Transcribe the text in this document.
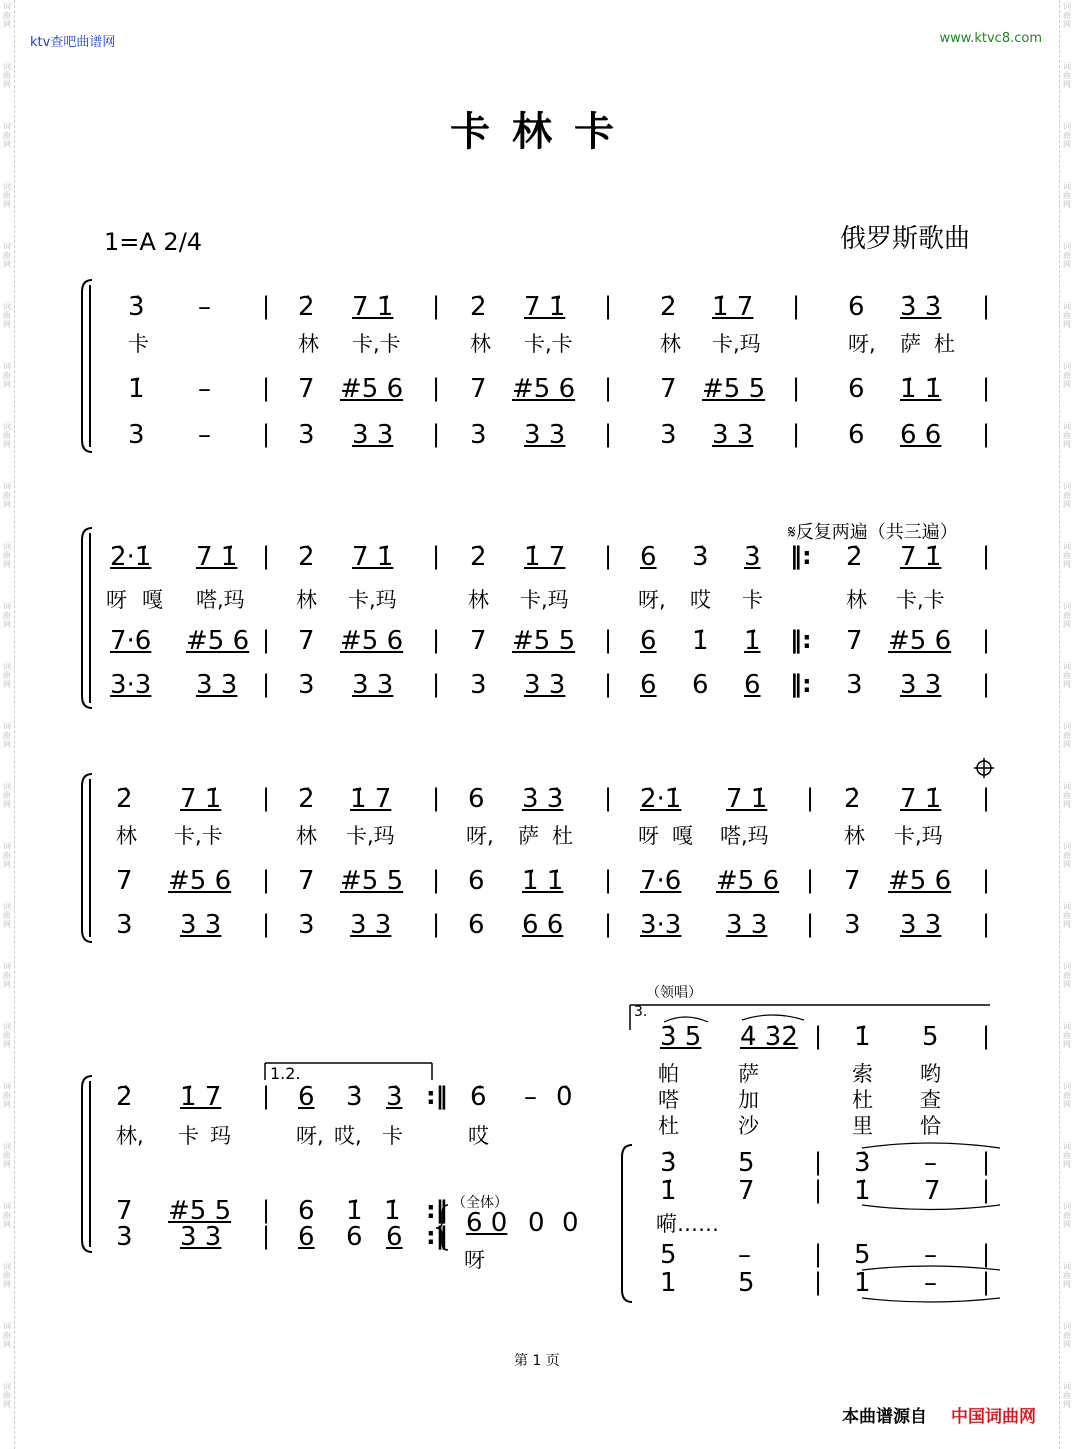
ktv查吧曲谱网	www.ktvc8.com
卡林卡
1=A 2/4	俄罗斯歌曲
3̇ – | 2̇ 7 1̇ | 2̇ 7 1̇ | 2̇ 1̇ 7 | 6 3̇ 3̇ |
卡	林 卡,卡	林 卡,卡	林 卡,玛	呀, 萨 杜
1̇ – | 7 #5 6 | 7 #5 6 | 7 #5 5 | 6 1̇ 1̇ |
3 – | 3 3 3 | 3 3 3 | 3 3 3 | 6 6 6 |
𝄋反复两遍（共三遍）
2̇·1̇ 7 1̇ | 2̇ 7 1̇ | 2̇ 1̇ 7 | 6 3̇ 3̇ ‖: 2̇ 7 1̇ |
呀 嘎 嗒,玛 林 卡,玛	林 卡,玛	呀, 哎 卡	林 卡,卡
7·6 #5 6 | 7 #5 6 | 7 #5 5 | 6 1̇ 1̇ ‖: 7 #5 6 |
3·3 3 3 | 3 3 3 | 3 3 3 | 6 6 6 ‖: 3 3 3 |
2̇ 7 1̇ | 2̇ 1̇ 7 | 6 3̇ 3̇ | 2̇·1̇ 7 1̇ | 2̇ 7 1̇ |
林 卡,卡	林 卡,玛	呀, 萨 杜	呀 嘎 嗒,玛	林 卡,玛
7 #5 6 | 7 #5 5 | 6 1̇ 1̇ | 7·6 #5 6 | 7 #5 6 |
3 3 3 | 3 3 3 | 6 6 6 | 3·3 3 3 | 3 3 3 |
1.2.
2̇ 1̇ 7 | 6 3̇ 3̇ :‖ 6̇ – 0̇
林, 卡 玛	呀, 哎, 卡	哎
（全体）
7 #5 5 | 6 1̇ 1̇ :‖ 6 0 0 0
3 3 3 | 6 6 6 :‖
呀
（领唱）
3.
3̇ 5 4̇ 3̇2̇ | 1̇ 5 |
帕	萨	索 哟
嗒	加	杜 查
杜	沙	里 恰
3̇ 5 | 3̇ – |
1̇ 7 | 1̇ 7 |
嗬……
5 –	| 5 – |
1 5 | 1 – |
第 1 页
本曲谱源自 中国词曲网
词
曲
网
词
曲
网
词
曲
网
词
曲
网
词
曲
网
词
曲
网
词
曲
网
词
曲
网
词
曲
网
词
曲
网
词
曲
网
词
曲
网
词
曲
网
词
曲
网
词
曲
网
词
曲
网
词
曲
网
词
曲
网
词
曲
网
词
曲
网
词
曲
网
词
曲
网
词
曲
网
词
曲
网
词
曲
网
词
曲
网
词
曲
网
词
曲
网
词
曲
网
词
曲
网
词
曲
网
词
曲
网
词
曲
网
词
曲
网
词
曲
网
词
曲
网
词
曲
网
词
曲
网
词
曲
网
词
曲
网
词
曲
网
词
曲
网
词
曲
网
词
曲
网
词
曲
网
词
曲
网
词
曲
网
词
曲
网
